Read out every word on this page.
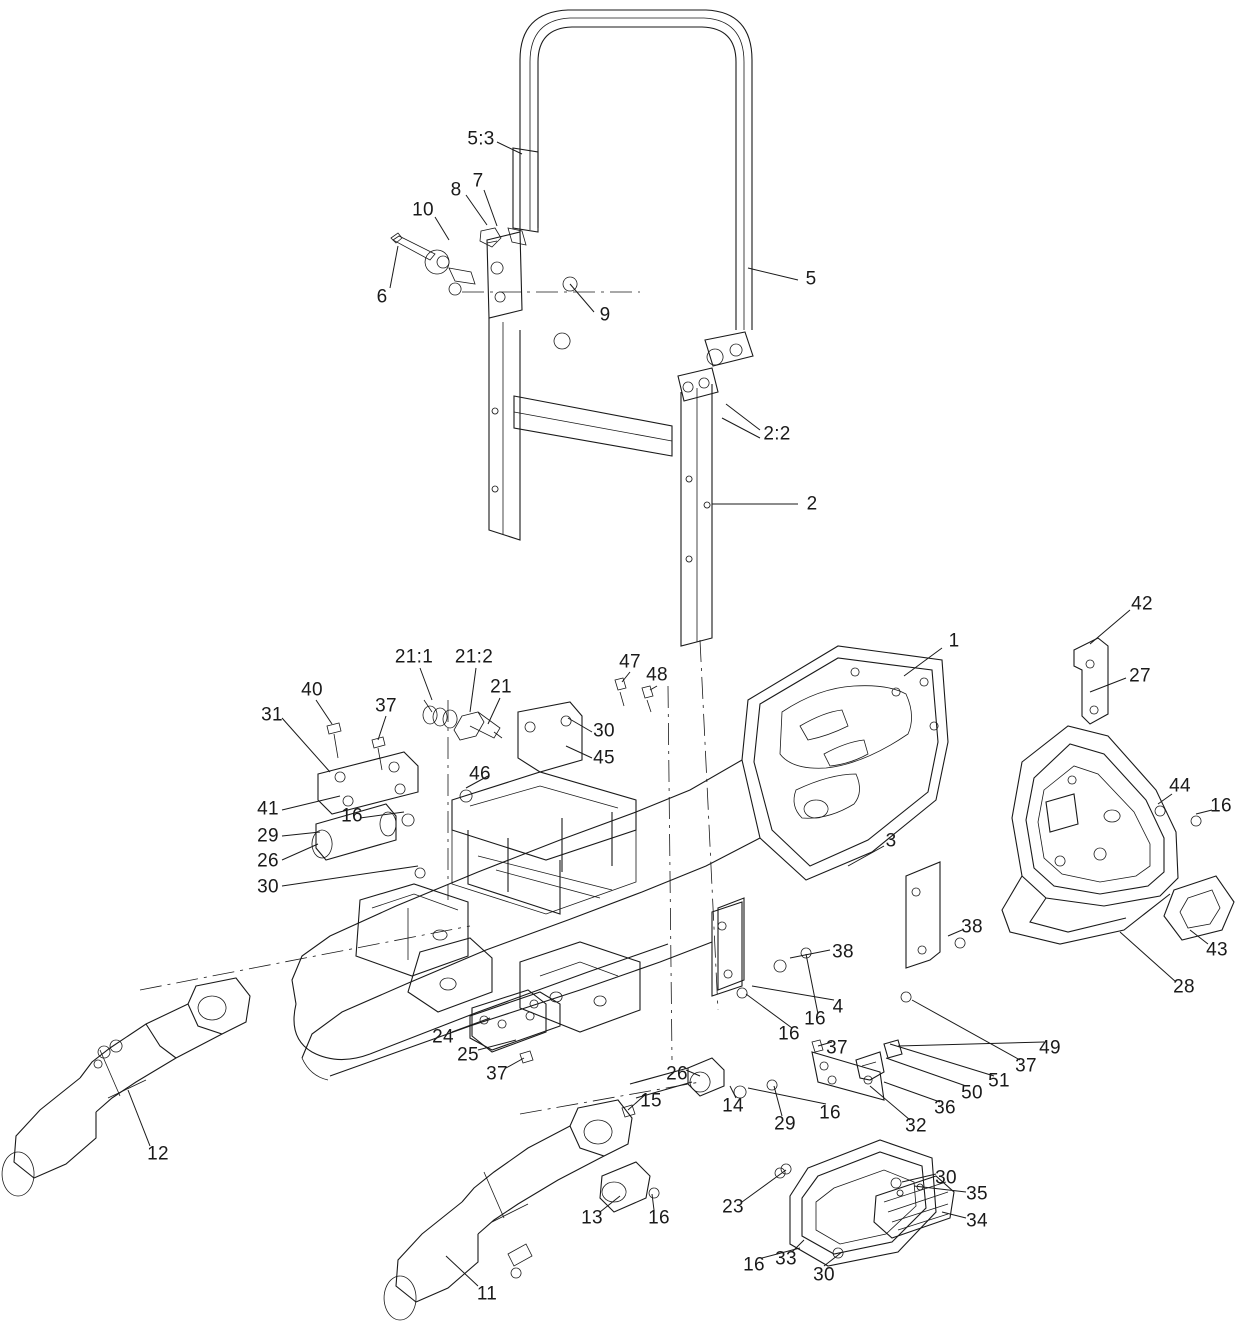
5:3
8 7
10
6
9
5
2:2
2
42
27
1
21:1 21:2
21
47
48
40
31	37
30
45
46
41	16
29
26
30
44
16
3
38
38
43
28
4
16
16
49
37
51
50
36
32
37
24
25
37	26
14
29
16
15
12
30
35
34
23
13 16
16 33
30
11
